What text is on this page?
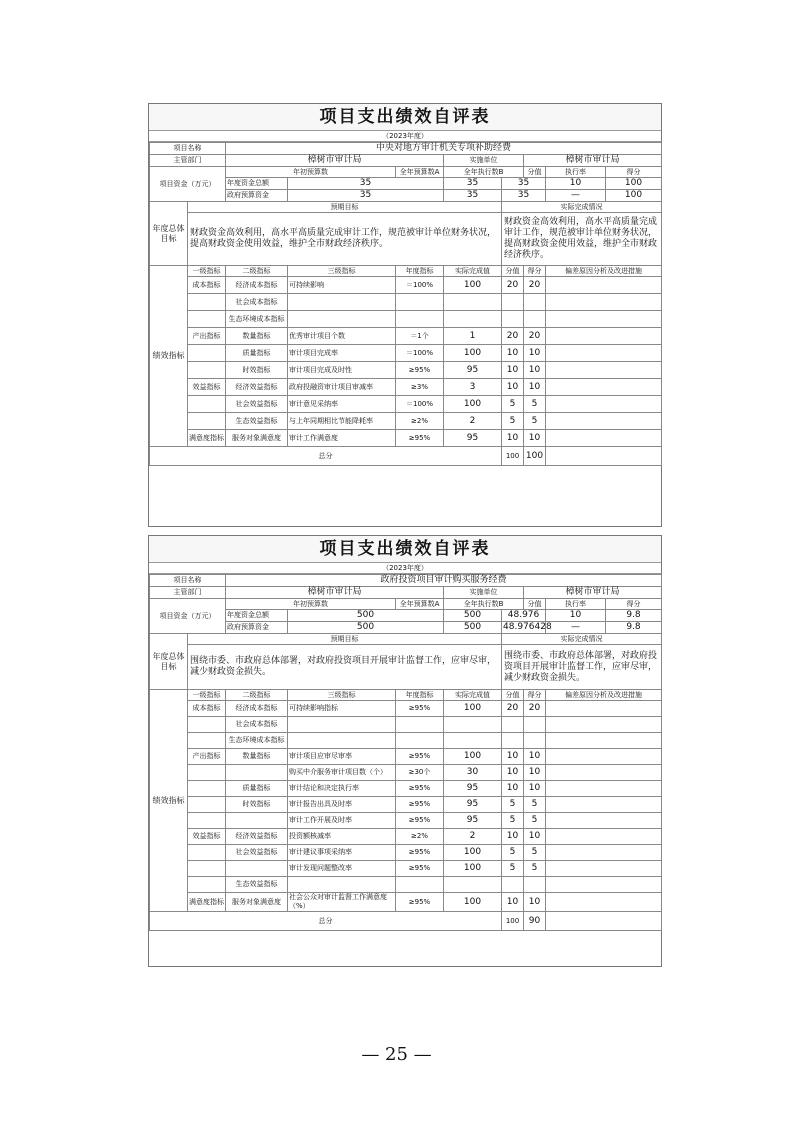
项目支出绩效自评表
（2023年度）
项目名称		中央对地方审计机关专项补助经费								
主管部门		樟树市审计局			实施单位		樟树市审计局			
项目资金（万元）		年初预算数		全年预算数A	全年执行数B		分值	执行率	得分	
		年度资金总额	35		35	35		10	100	
		政府预算资金	35		35	35		—	100	
年度总体目标	预期目标					实际完成情况				
	财政资金高效利用，高水平高质量完成审计工作，规范被审计单位财务状况，提高财政资金使用效益，维护全市财政经济秩序。					财政资金高效利用，高水平高质量完成审计工作，规范被审计单位财务状况，提高财政资金使用效益，维护全市财政经济秩序。				
绩效指标	一级指标	二级指标	三级指标	年度指标	实际完成值	分值	得分	偏差原因分析及改进措施		
	成本指标	经济成本指标	可持续影响	＝100%	100	20	20			
		社会成本指标								
		生态环境成本指标								
	产出指标	数量指标	优秀审计项目个数	＝1个	1	20	20			
		质量指标	审计项目完成率	＝100%	100	10	10			
		时效指标	审计项目完成及时性	≥95%	95	10	10			
	效益指标	经济效益指标	政府投融资审计项目审减率	≥3%	3	10	10			
		社会效益指标	审计意见采纳率	＝100%	100	5	5			
		生态效益指标	与上年同期相比节能降耗率	≥2%	2	5	5			
	满意度指标	服务对象满意度	审计工作满意度	≥95%	95	10	10			
总分						100	100			
项目支出绩效自评表
（2023年度）
项目名称		政府投资项目审计购买服务经费								
主管部门		樟树市审计局			实施单位		樟树市审计局			
项目资金（万元）		年初预算数		全年预算数A	全年执行数B		分值	执行率	得分	
		年度资金总额	500		500	48.976		10	9.8	
		政府预算资金	500		500	48.976428		—	9.8	
年度总体目标	预期目标					实际完成情况				
	围绕市委、市政府总体部署，对政府投资项目开展审计监督工作，应审尽审，减少财政资金损失。					围绕市委、市政府总体部署，对政府投资项目开展审计监督工作，应审尽审，减少财政资金损失。				
绩效指标	一级指标	二级指标	三级指标	年度指标	实际完成值	分值	得分	偏差原因分析及改进措施		
	成本指标	经济成本指标	可持续影响指标	≥95%	100	20	20			
		社会成本指标								
		生态环境成本指标								
	产出指标	数量指标	审计项目应审尽审率	≥95%	100	10	10			
			购买中介服务审计项目数（个）	≥30个	30	10	10			
		质量指标	审计结论和决定执行率	≥95%	95	10	10			
		时效指标	审计报告出具及时率	≥95%	95	5	5			
			审计工作开展及时率	≥95%	95	5	5			
	效益指标	经济效益指标	投资额核减率	≥2%	2	10	10			
		社会效益指标	审计建议事项采纳率	≥95%	100	5	5			
			审计发现问题整改率	≥95%	100	5	5			
		生态效益指标								
	满意度指标	服务对象满意度	社会公众对审计监督工作满意度（%）	≥95%	100	10	10			
总分						100	90			
— 25 —
